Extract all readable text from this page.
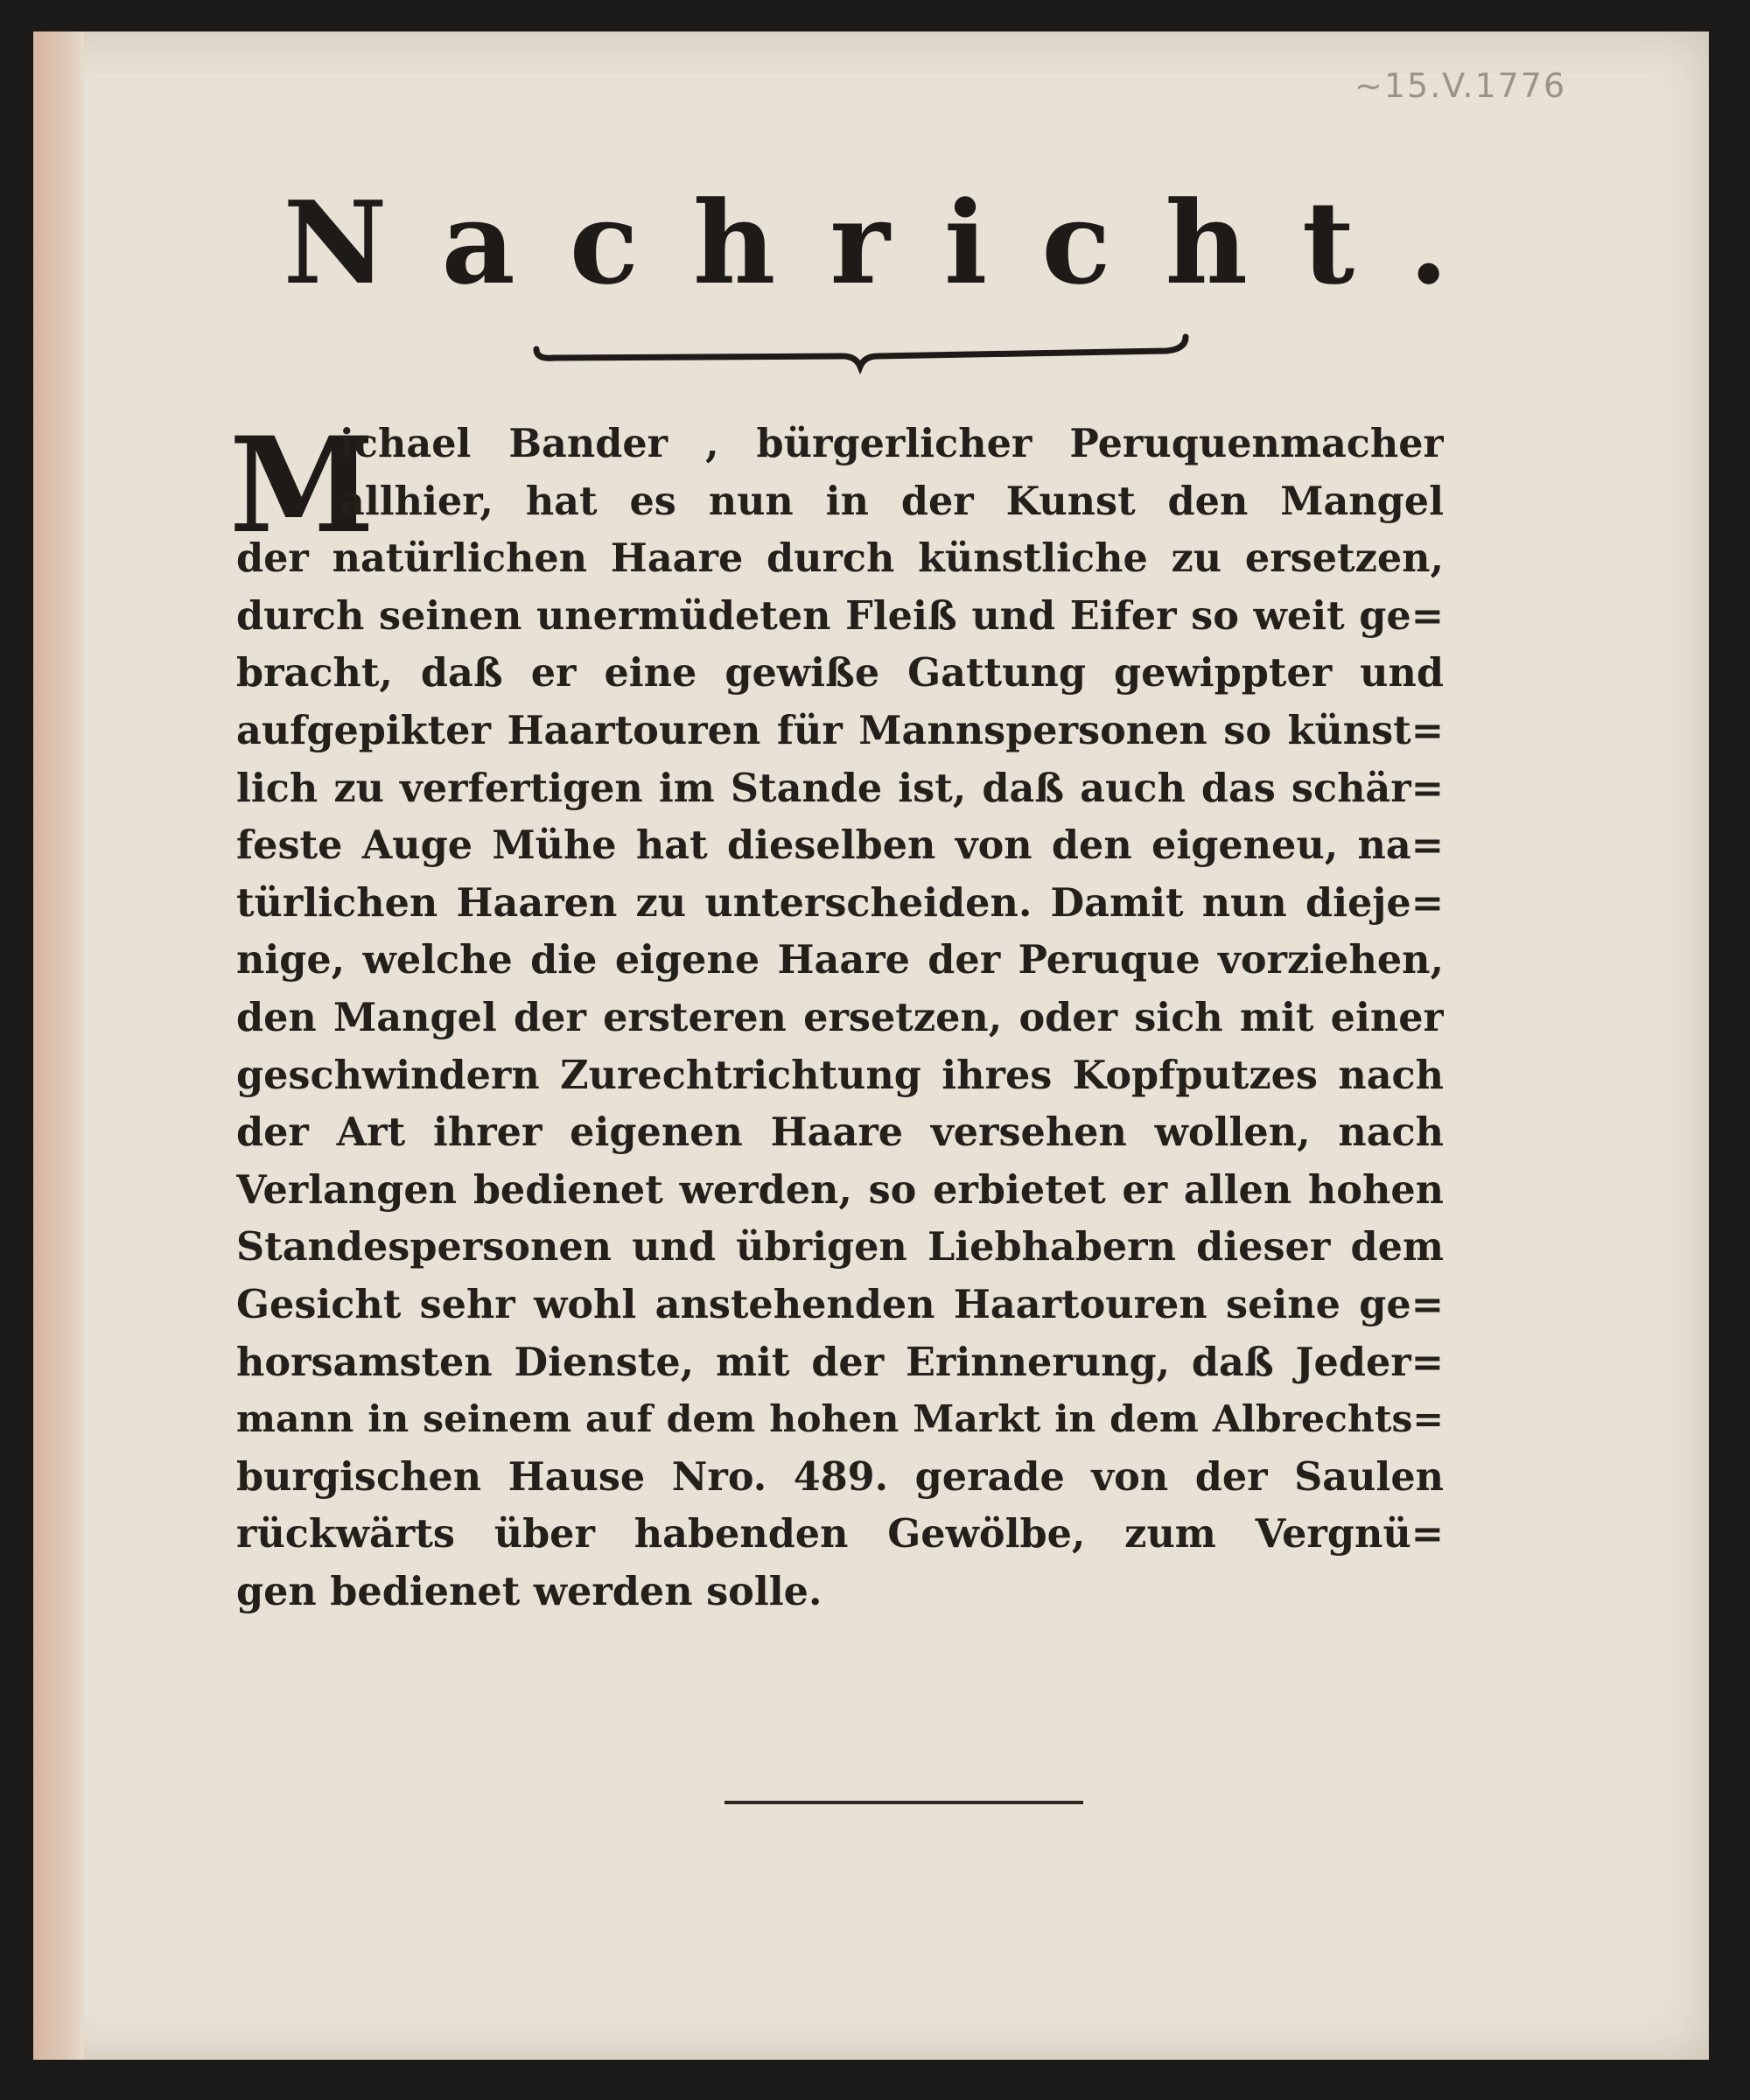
~15.V.1776
Nachricht.
M
ichael Bander , bürgerlicher Peruquenmacher
allhier, hat es nun in der Kunst den Mangel
der natürlichen Haare durch künstliche zu ersetzen,
durch seinen unermüdeten Fleiß und Eifer so weit ge=
bracht, daß er eine gewiße Gattung gewippter und
aufgepikter Haartouren für Mannspersonen so künst=
lich zu verfertigen im Stande ist, daß auch das schär=
feste Auge Mühe hat dieselben von den eigeneu, na=
türlichen Haaren zu unterscheiden. Damit nun dieje=
nige, welche die eigene Haare der Peruque vorziehen,
den Mangel der ersteren ersetzen, oder sich mit einer
geschwindern Zurechtrichtung ihres Kopfputzes nach
der Art ihrer eigenen Haare versehen wollen, nach
Verlangen bedienet werden, so erbietet er allen hohen
Standespersonen und übrigen Liebhabern dieser dem
Gesicht sehr wohl anstehenden Haartouren seine ge=
horsamsten Dienste, mit der Erinnerung, daß Jeder=
mann in seinem auf dem hohen Markt in dem Albrechts=
burgischen Hause Nro. 489. gerade von der Saulen
rückwärts über habenden Gewölbe, zum Vergnü=
gen bedienet werden solle.
